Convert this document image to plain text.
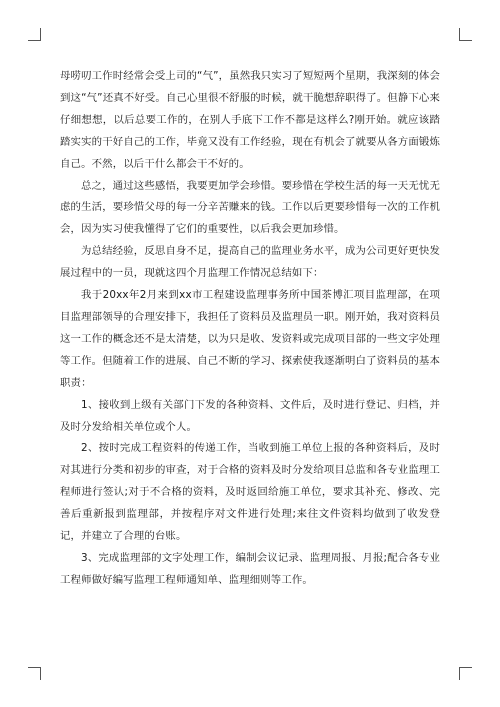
母唠叨工作时经常会受上司的“气”，虽然我只实习了短短两个星期，我深刻的体会到这“气”还真不好受。自己心里很不舒服的时候，就干脆想辞职得了。但静下心来仔细想想，以后总要工作的，在别人手底下工作不都是这样么?刚开始。就应该踏踏实实的干好自己的工作，毕竟又没有工作经验，现在有机会了就要从各方面锻炼自己。不然，以后干什么都会干不好的。

总之，通过这些感悟，我要更加学会珍惜。要珍惜在学校生活的每一天无忧无虑的生活，要珍惜父母的每一分辛苦赚来的钱。工作以后更要珍惜每一次的工作机会，因为实习使我懂得了它们的重要性，以后我会更加珍惜。

为总结经验，反思自身不足，提高自己的监理业务水平，成为公司更好更快发展过程中的一员，现就这四个月监理工作情况总结如下：

我于20xx年2月来到xx市工程建设监理事务所中国茶博汇项目监理部，在项目监理部领导的合理安排下，我担任了资料员及监理员一职。刚开始，我对资料员这一工作的概念还不是太清楚，以为只是收、发资料或完成项目部的一些文字处理等工作。但随着工作的进展、自己不断的学习、探索使我逐渐明白了资料员的基本职责：

1、接收到上级有关部门下发的各种资料、文件后，及时进行登记、归档，并及时分发给相关单位或个人。

2、按时完成工程资料的传递工作，当收到施工单位上报的各种资料后，及时对其进行分类和初步的审查，对于合格的资料及时分发给项目总监和各专业监理工程师进行签认;对于不合格的资料，及时返回给施工单位，要求其补充、修改、完善后重新报到监理部，并按程序对文件进行处理;来往文件资料均做到了收发登记，并建立了合理的台账。

3、完成监理部的文字处理工作，编制会议记录、监理周报、月报;配合各专业工程师做好编写监理工程师通知单、监理细则等工作。
